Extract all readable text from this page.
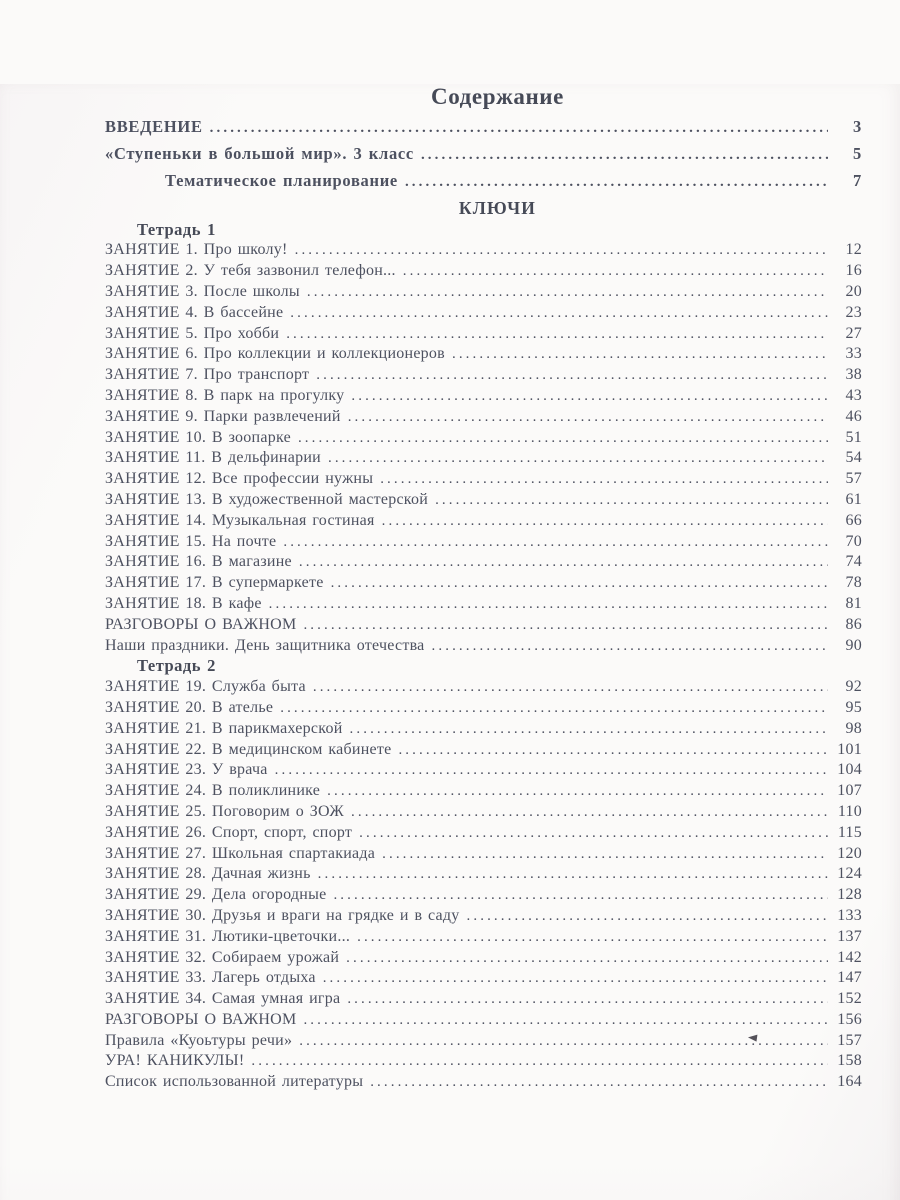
Содержание
ВВЕДЕНИЕ .....	3
«Ступеньки в большой мир». 3 класс .....	5
Тематическое планирование .....	7
КЛЮЧИ
Тетрадь 1
ЗАНЯТИЕ 1. Про школу! .....	12
ЗАНЯТИЕ 2. У тебя зазвонил телефон... .....	16
ЗАНЯТИЕ 3. После школы .....	20
ЗАНЯТИЕ 4. В бассейне .....	23
ЗАНЯТИЕ 5. Про хобби .....	27
ЗАНЯТИЕ 6. Про коллекции и коллекционеров .....	33
ЗАНЯТИЕ 7. Про транспорт .....	38
ЗАНЯТИЕ 8. В парк на прогулку .....	43
ЗАНЯТИЕ 9. Парки развлечений .....	46
ЗАНЯТИЕ 10. В зоопарке .....	51
ЗАНЯТИЕ 11. В дельфинарии .....	54
ЗАНЯТИЕ 12. Все профессии нужны .....	57
ЗАНЯТИЕ 13. В художественной мастерской .....	61
ЗАНЯТИЕ 14. Музыкальная гостиная .....	66
ЗАНЯТИЕ 15. На почте .....	70
ЗАНЯТИЕ 16. В магазине .....	74
ЗАНЯТИЕ 17. В супермаркете .....	78
ЗАНЯТИЕ 18. В кафе .....	81
РАЗГОВОРЫ О ВАЖНОМ .....	86
Наши праздники. День защитника отечества .....	90
Тетрадь 2
ЗАНЯТИЕ 19. Служба быта .....	92
ЗАНЯТИЕ 20. В ателье .....	95
ЗАНЯТИЕ 21. В парикмахерской .....	98
ЗАНЯТИЕ 22. В медицинском кабинете .....	101
ЗАНЯТИЕ 23. У врача .....	104
ЗАНЯТИЕ 24. В поликлинике .....	107
ЗАНЯТИЕ 25. Поговорим о ЗОЖ .....	110
ЗАНЯТИЕ 26. Спорт, спорт, спорт .....	115
ЗАНЯТИЕ 27. Школьная спартакиада .....	120
ЗАНЯТИЕ 28. Дачная жизнь .....	124
ЗАНЯТИЕ 29. Дела огородные .....	128
ЗАНЯТИЕ 30. Друзья и враги на грядке и в саду .....	133
ЗАНЯТИЕ 31. Лютики-цветочки... .....	137
ЗАНЯТИЕ 32. Собираем урожай .....	142
ЗАНЯТИЕ 33. Лагерь отдыха .....	147
ЗАНЯТИЕ 34. Самая умная игра .....	152
РАЗГОВОРЫ О ВАЖНОМ .....	156
Правила «Куоьтуры речи» .....	157
УРА! КАНИКУЛЫ! .....	158
Список использованной литературы .....	164
